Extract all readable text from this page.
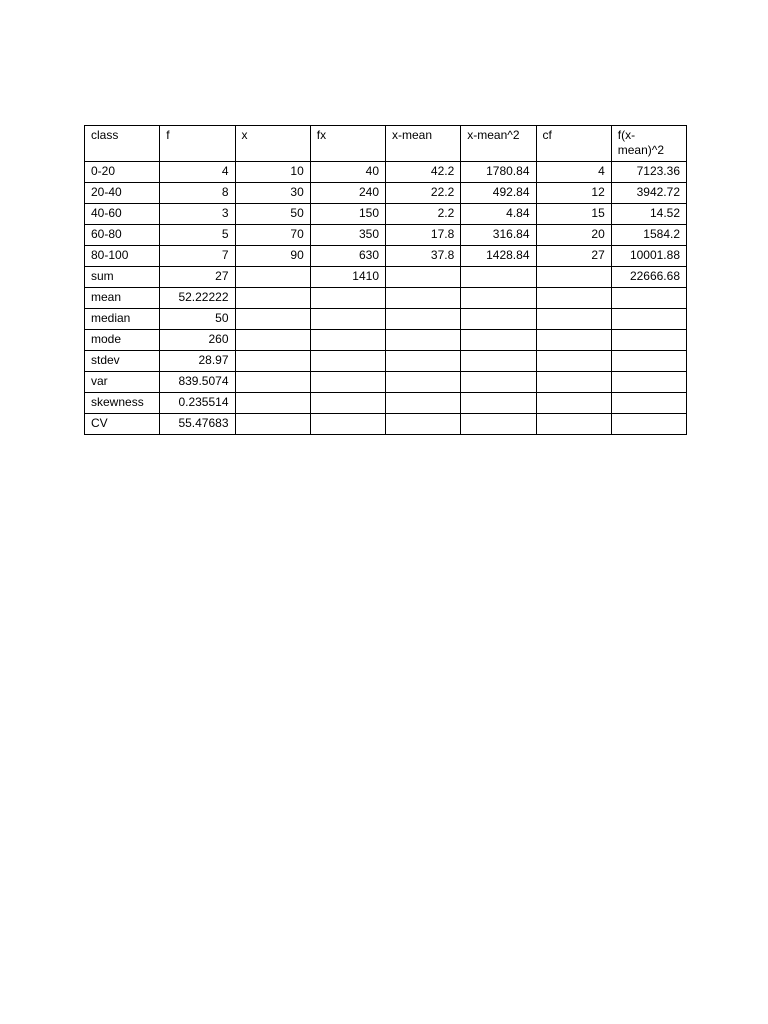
class	f	x	fx	x-mean	x-mean^2	cf	f(x-mean)^2
0-20	4	10	40	42.2	1780.84	4	7123.36
20-40	8	30	240	22.2	492.84	12	3942.72
40-60	3	50	150	2.2	4.84	15	14.52
60-80	5	70	350	17.8	316.84	20	1584.2
80-100	7	90	630	37.8	1428.84	27	10001.88
sum	27		1410				22666.68
mean	52.22222						
median	50						
mode	260						
stdev	28.97						
var	839.5074						
skewness	0.235514						
CV	55.47683						
